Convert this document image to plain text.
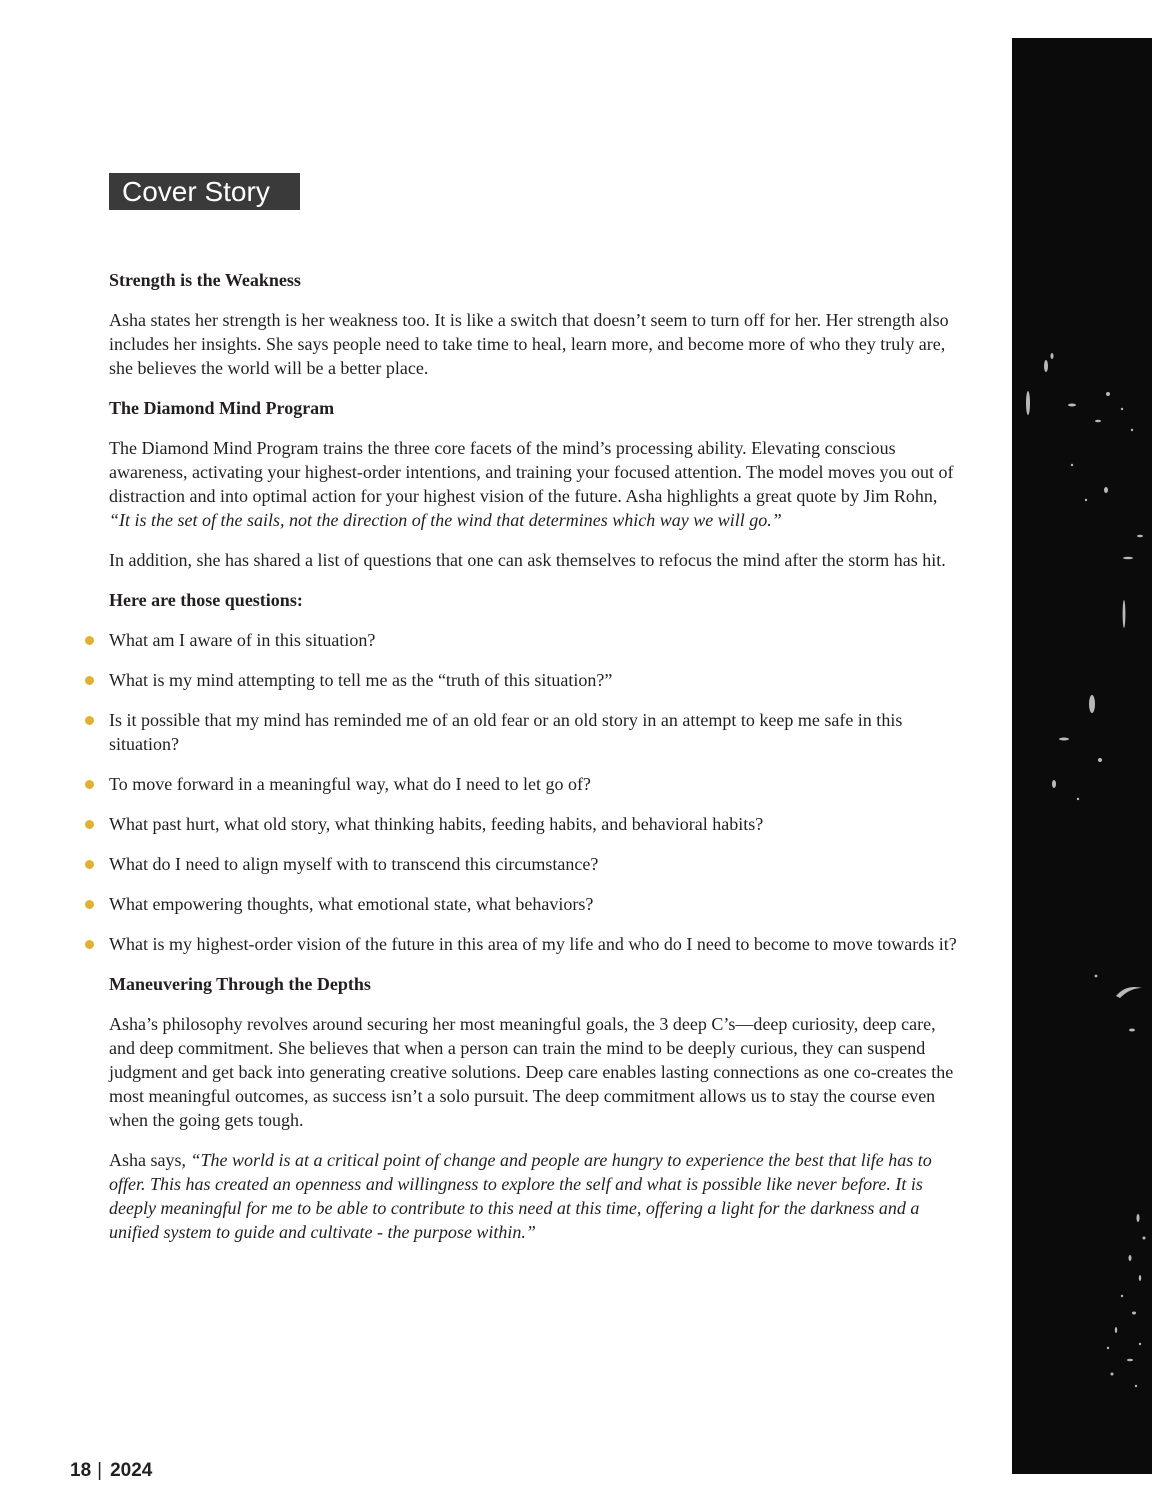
Cover Story
Strength is the Weakness

Asha states her strength is her weakness too. It is like a switch that doesn’t seem to turn off for her. Her strength also includes her insights. She says people need to take time to heal, learn more, and become more of who they truly are, she believes the world will be a better place.

The Diamond Mind Program

The Diamond Mind Program trains the three core facets of the mind’s processing ability. Elevating conscious awareness, activating your highest-order intentions, and training your focused attention. The model moves you out of distraction and into optimal action for your highest vision of the future. Asha highlights a great quote by Jim Rohn, “It is the set of the sails, not the direction of the wind that determines which way we will go.”

In addition, she has shared a list of questions that one can ask themselves to refocus the mind after the storm has hit.

Here are those questions:
What am I aware of in this situation?
What is my mind attempting to tell me as the “truth of this situation?”
Is it possible that my mind has reminded me of an old fear or an old story in an attempt to keep me safe in this situation?
To move forward in a meaningful way, what do I need to let go of?
What past hurt, what old story, what thinking habits, feeding habits, and behavioral habits?
What do I need to align myself with to transcend this circumstance?
What empowering thoughts, what emotional state, what behaviors?
What is my highest-order vision of the future in this area of my life and who do I need to become to move towards it?
Maneuvering Through the Depths

Asha’s philosophy revolves around securing her most meaningful goals, the 3 deep C’s—deep curiosity, deep care, and deep commitment. She believes that when a person can train the mind to be deeply curious, they can suspend judgment and get back into generating creative solutions. Deep care enables lasting connections as one co-creates the most meaningful outcomes, as success isn’t a solo pursuit. The deep commitment allows us to stay the course even when the going gets tough.

Asha says, “The world is at a critical point of change and people are hungry to experience the best that life has to offer. This has created an openness and willingness to explore the self and what is possible like never before. It is deeply meaningful for me to be able to contribute to this need at this time, offering a light for the darkness and a unified system to guide and cultivate - the purpose within.”

18 | 2024
